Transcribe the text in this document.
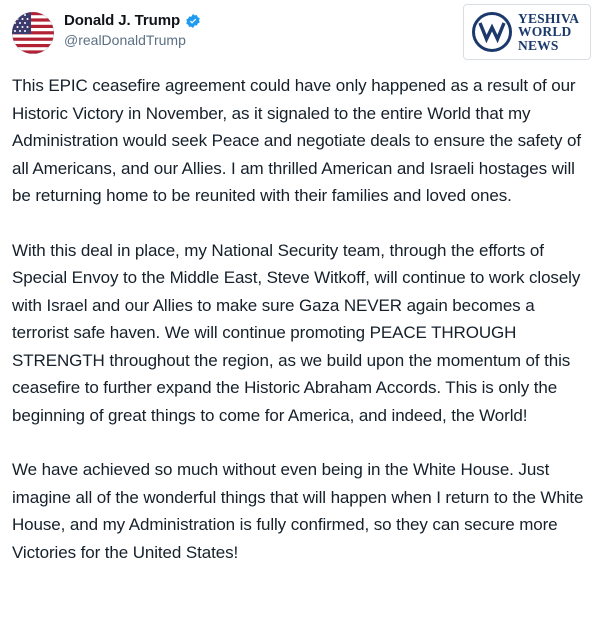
Donald J. Trump
@realDonaldTrump
YESHIVA
WORLD
NEWS

This EPIC ceasefire agreement could have only happened as a result of our Historic Victory in November, as it signaled to the entire World that my Administration would seek Peace and negotiate deals to ensure the safety of all Americans, and our Allies. I am thrilled American and Israeli hostages will be returning home to be reunited with their families and loved ones.

With this deal in place, my National Security team, through the efforts of Special Envoy to the Middle East, Steve Witkoff, will continue to work closely with Israel and our Allies to make sure Gaza NEVER again becomes a terrorist safe haven. We will continue promoting PEACE THROUGH STRENGTH throughout the region, as we build upon the momentum of this ceasefire to further expand the Historic Abraham Accords. This is only the beginning of great things to come for America, and indeed, the World!

We have achieved so much without even being in the White House. Just imagine all of the wonderful things that will happen when I return to the White House, and my Administration is fully confirmed, so they can secure more Victories for the United States!
